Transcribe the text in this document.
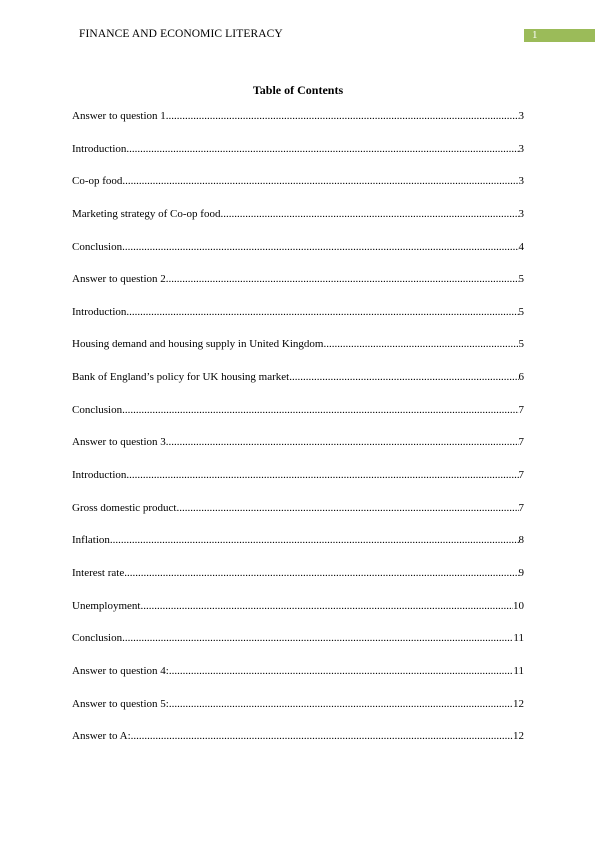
FINANCE AND ECONOMIC LITERACY	1
Table of Contents
Answer to question 1 .....	3
Introduction .....	3
Co-op food .....	3
Marketing strategy of Co-op food .....	3
Conclusion .....	4
Answer to question 2 .....	5
Introduction .....	5
Housing demand and housing supply in United Kingdom .....	5
Bank of England’s policy for UK housing market .....	6
Conclusion .....	7
Answer to question 3 .....	7
Introduction .....	7
Gross domestic product .....	7
Inflation .....	8
Interest rate .....	9
Unemployment .....	10
Conclusion .....	11
Answer to question 4: .....	11
Answer to question 5: .....	12
Answer to A: .....	12
